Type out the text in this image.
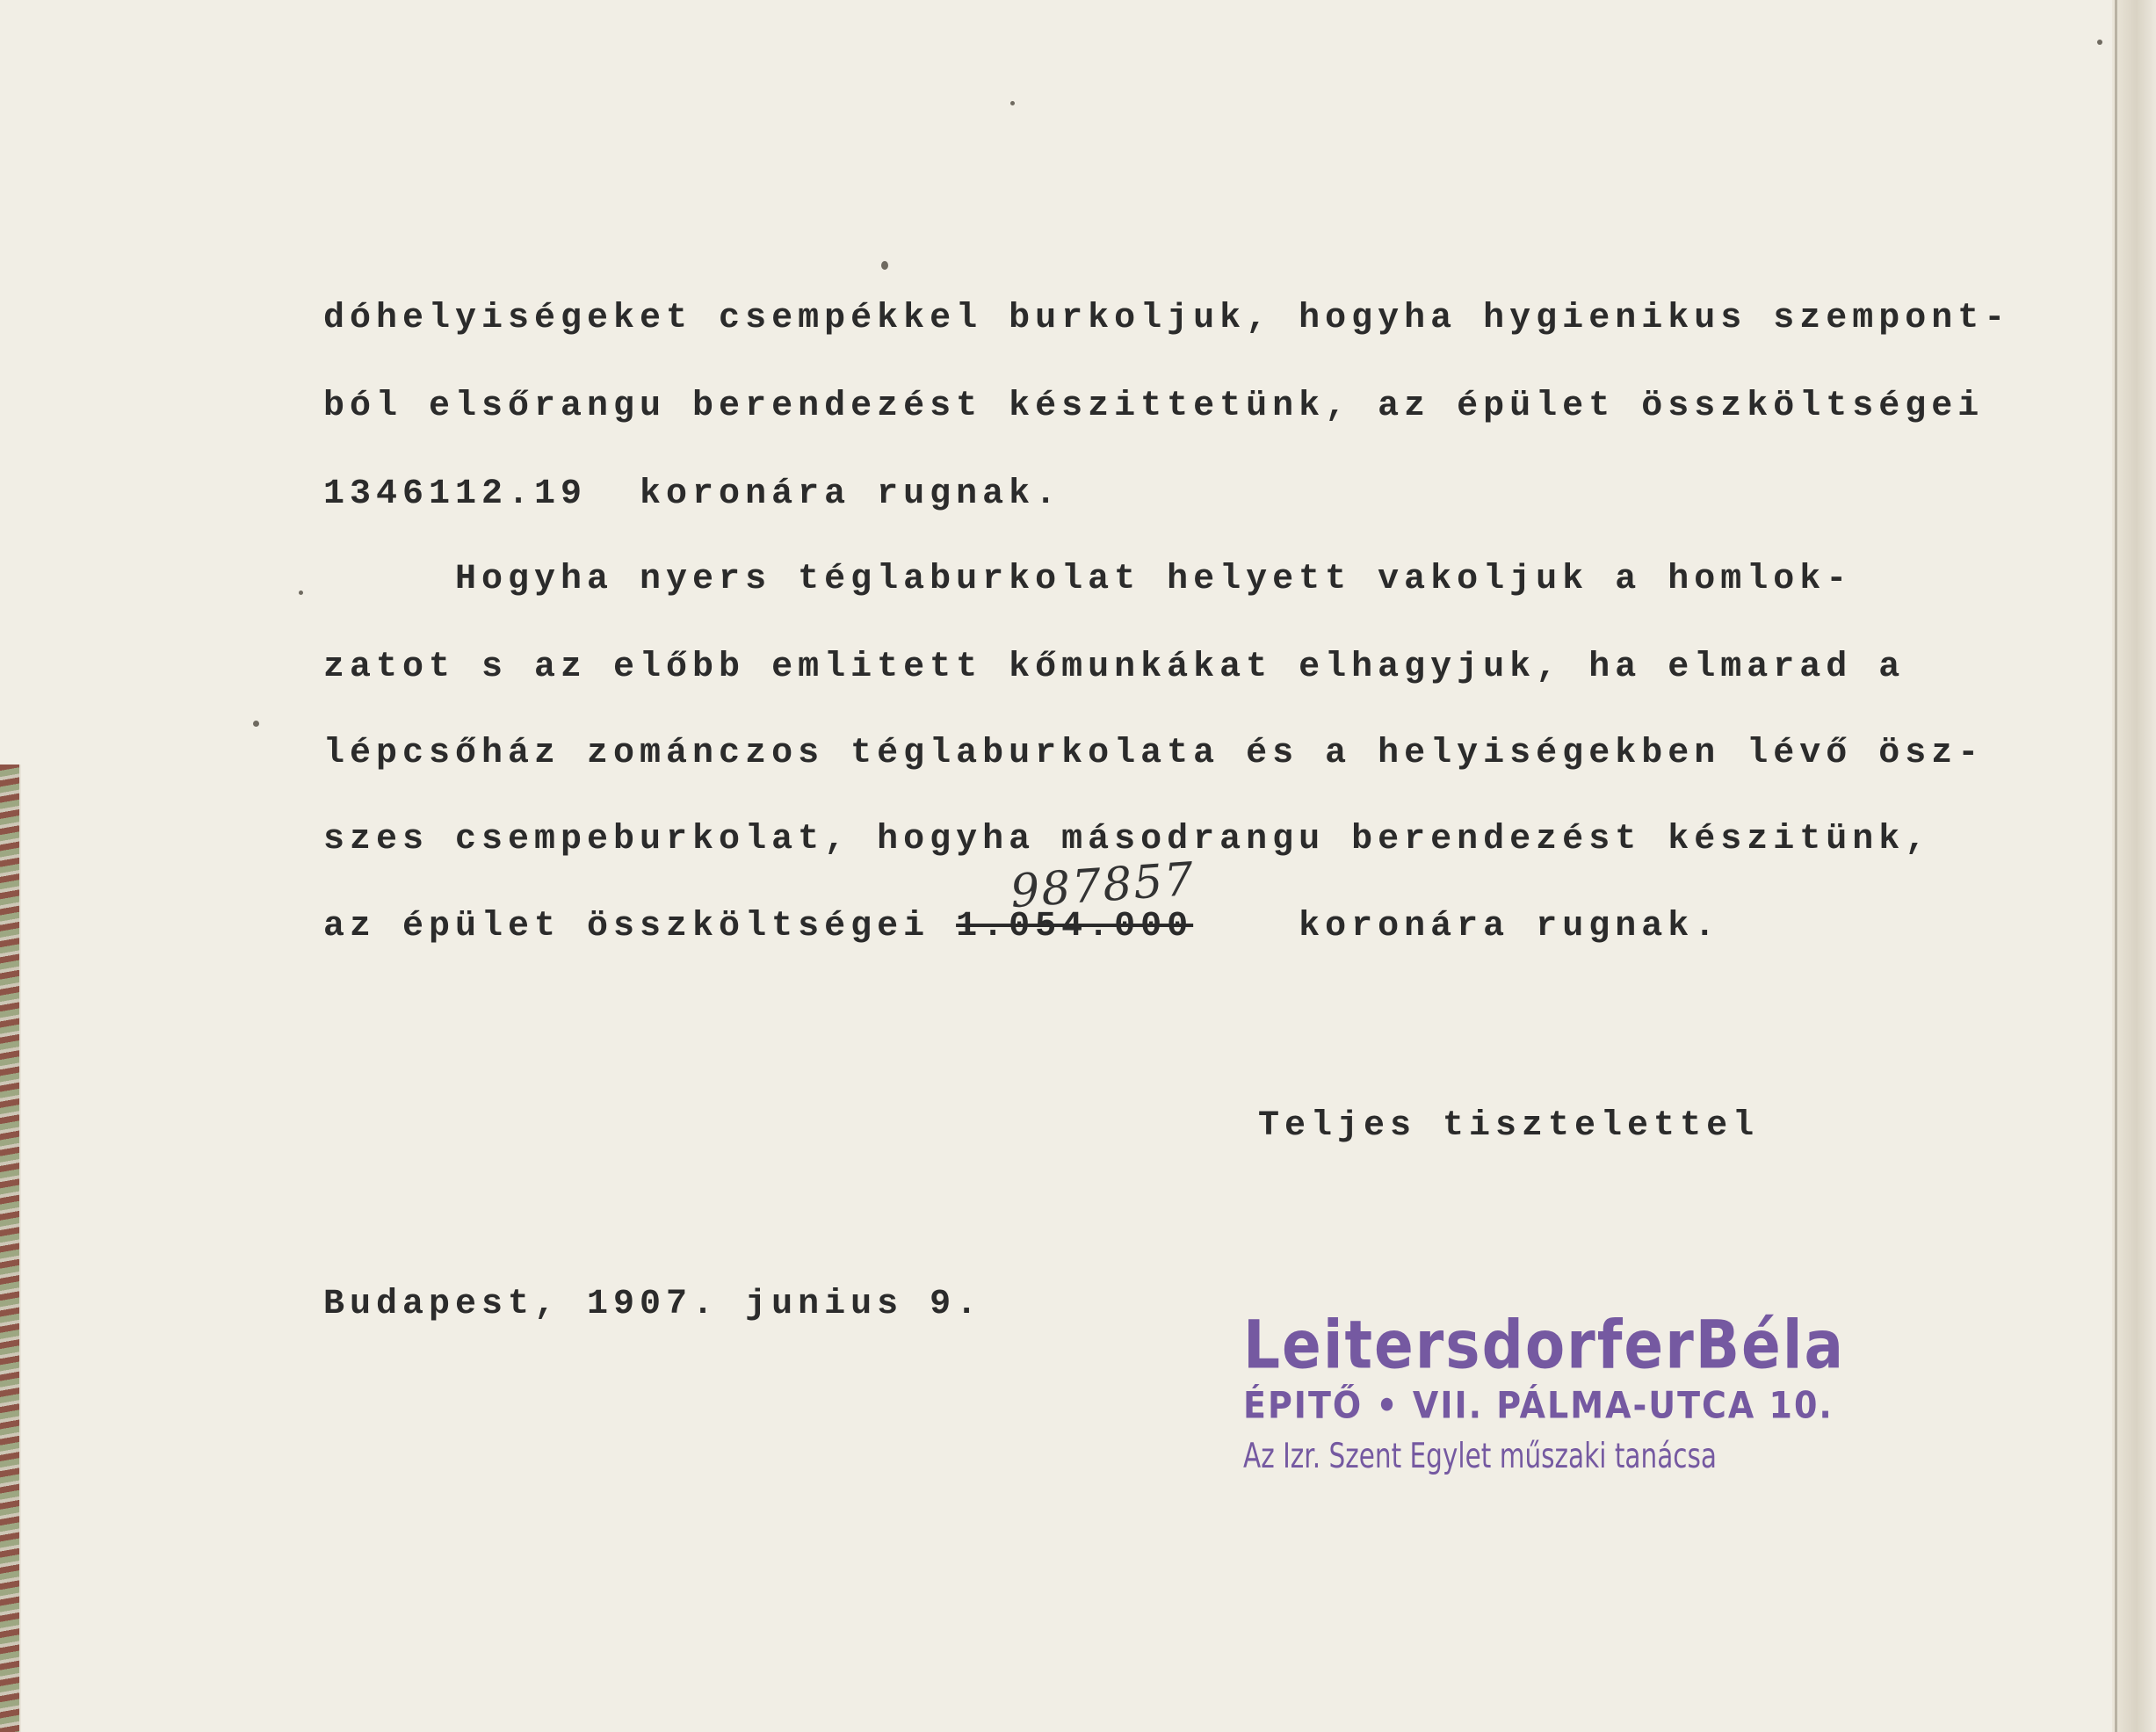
dóhelyiségeket csempékkel burkoljuk, hogyha hygienikus szempont-
ból elsőrangu berendezést készittetünk, az épület összköltségei
1346112.19  koronára rugnak.
Hogyha nyers téglaburkolat helyett vakoljuk a homlok-
zatot s az előbb emlitett kőmunkákat elhagyjuk, ha elmarad a
lépcsőház zománczos téglaburkolata és a helyiségekben lévő ösz-
szes csempeburkolat, hogyha másodrangu berendezést készitünk,
az épület összköltségei 1.054.000    koronára rugnak.
987857
Teljes tisztelettel
Budapest, 1907. junius 9.
LeitersdorferBéla
ÉPITŐ • VII. PÁLMA-UTCA 10.
Az Izr. Szent Egylet műszaki tanácsa
